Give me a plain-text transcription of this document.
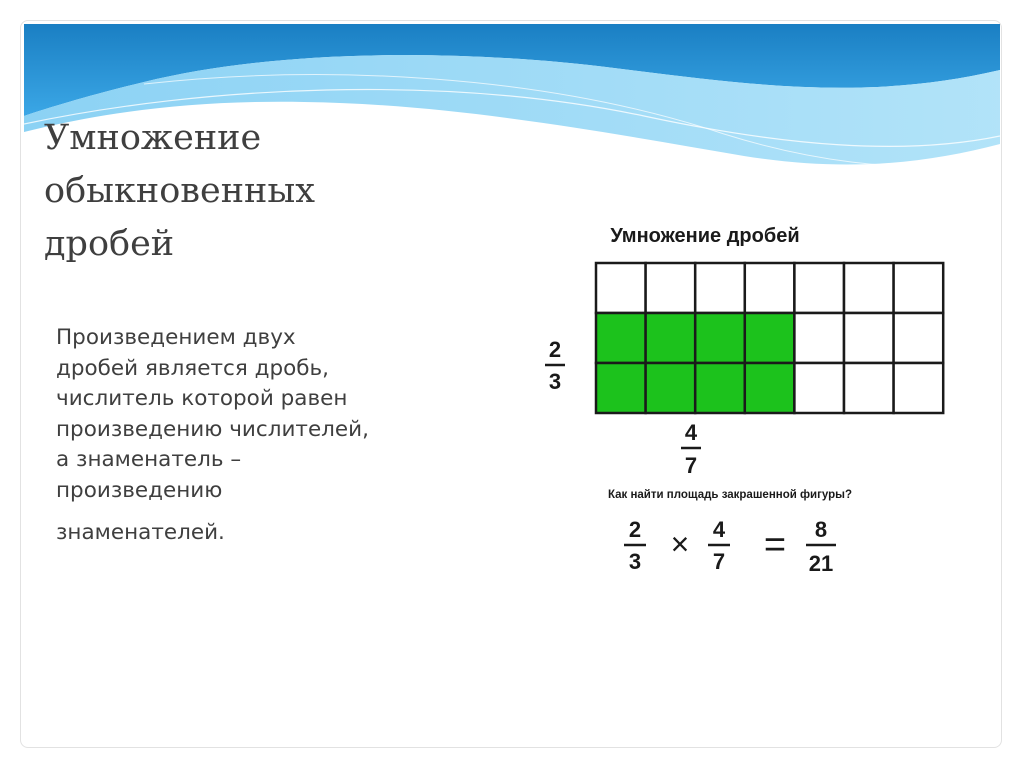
Умножение
обыкновенных
дробей

Произведением двух
дробей является дробь,
числитель которой равен
произведению числителей,
а знаменатель –
произведению
знаменателей.

Умножение дробей
2
3
4
7
Как найти площадь закрашенной фигуры?
2
3 × 4
7 = 8
21
